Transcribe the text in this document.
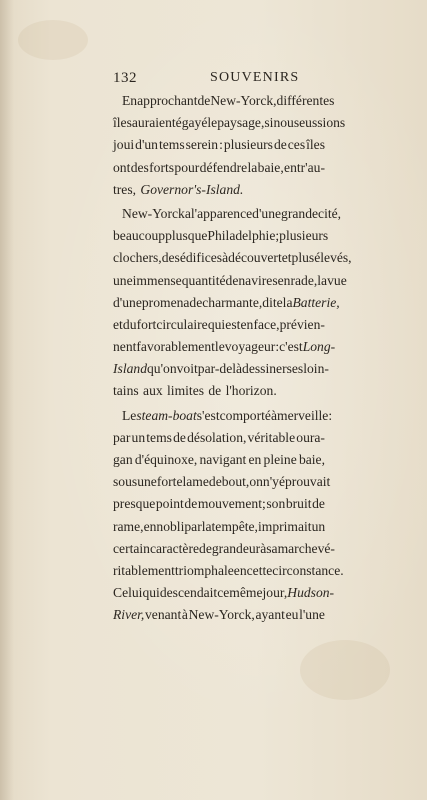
132	SOUVENIRS
En approchant de New-Yorck, différentes
îles auraient égayé le paysage, si nous eussions
joui d'un tems serein : plusieurs de ces îles
ont des forts pour défendre la baie, entr'au-
tres, Governor's-Island.
New-Yorck a l'apparence d'une grande cité,
beaucoup plus que Philadelphie; plusieurs
clochers, des édifices à découvert et plus élevés,
une immense quantité de navires en rade, la vue
d'une promenade charmante, dite la Batterie,
et du fort circulaire qui est en face, prévien-
nent favorablement le voyageur : c'est Long-
Island qu'on voit par-delà dessiner ses loin-
tains aux limites de l'horizon.
Le steam-boat s'est comporté à merveille :
par un tems de désolation, véritable oura-
gan d'équinoxe, navigant en pleine baie,
sous une forte lame debout, on n'y éprouvait
presque point de mouvement; son bruit de
rame, ennobli par la tempête, imprimait un
certain caractère de grandeur à sa marche vé-
ritablement triomphale en cette circonstance.
Celui qui descendait ce même jour, Hudson-
River, venant à New-Yorck, ayant eu l'une
